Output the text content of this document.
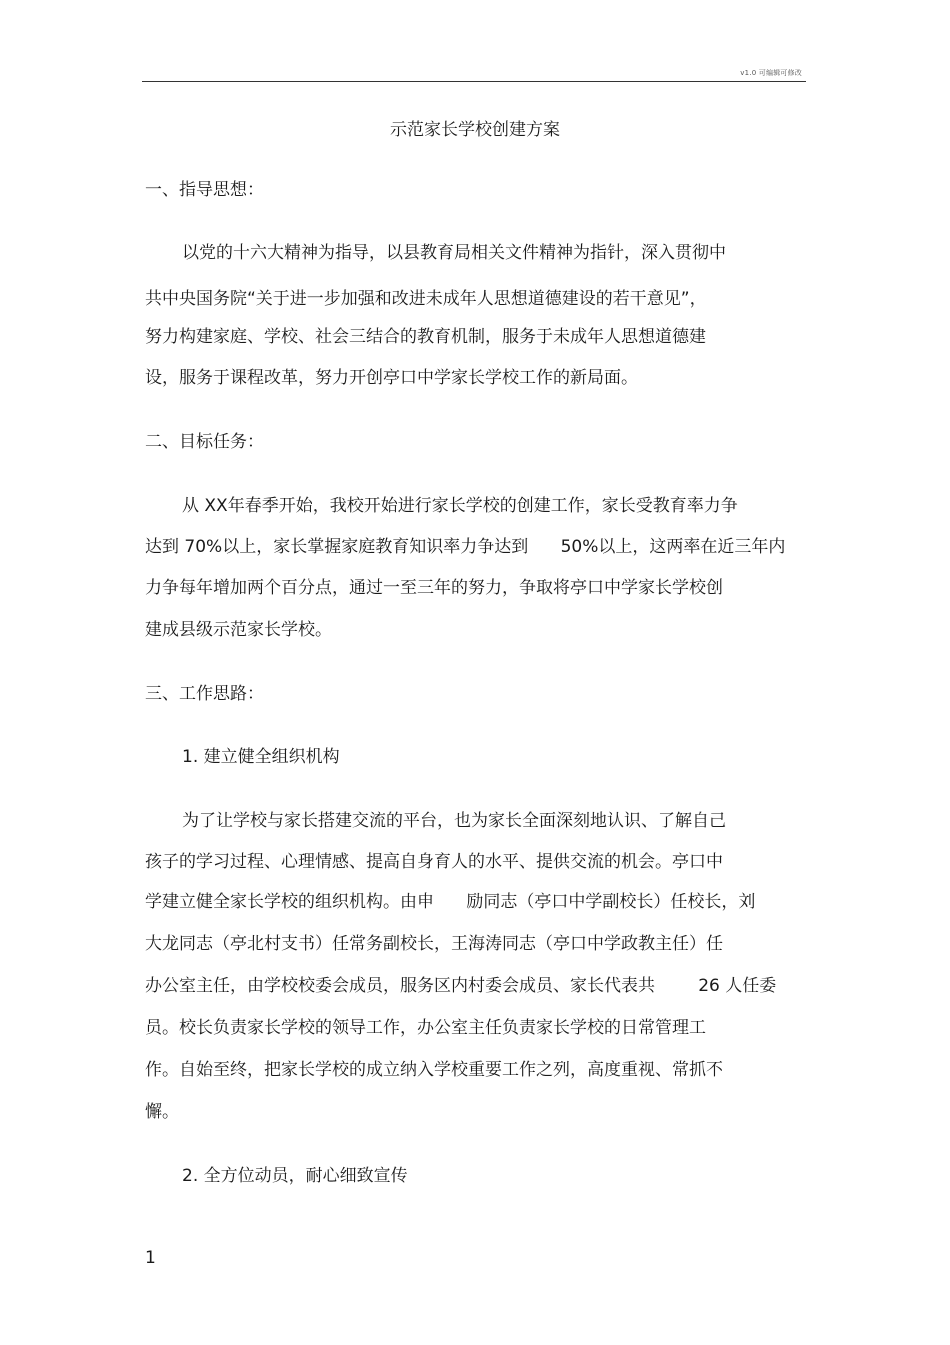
v1.0 可编辑可修改
示范家长学校创建方案
一、指导思想：
以党的十六大精神为指导，以县教育局相关文件精神为指针，深入贯彻中
共中央国务院“关于进一步加强和改进未成年人思想道德建设的若干意见”，
努力构建家庭、学校、社会三结合的教育机制，服务于未成年人思想道德建
设，服务于课程改革，努力开创亭口中学家长学校工作的新局面。
二、目标任务：
从 XX年春季开始，我校开始进行家长学校的创建工作，家长受教育率力争
达到 70%以上，家长掌握家庭教育知识率力争达到      50%以上，这两率在近三年内
力争每年增加两个百分点，通过一至三年的努力，争取将亭口中学家长学校创
建成县级示范家长学校。
三、工作思路：
1. 建立健全组织机构
为了让学校与家长搭建交流的平台，也为家长全面深刻地认识、了解自己
孩子的学习过程、心理情感、提高自身育人的水平、提供交流的机会。亭口中
学建立健全家长学校的组织机构。由申      励同志（亭口中学副校长）任校长，刘
大龙同志（亭北村支书）任常务副校长，王海涛同志（亭口中学政教主任）任
办公室主任，由学校校委会成员，服务区内村委会成员、家长代表共        26 人任委
员。校长负责家长学校的领导工作，办公室主任负责家长学校的日常管理工
作。自始至终，把家长学校的成立纳入学校重要工作之列，高度重视、常抓不
懈。
2. 全方位动员，耐心细致宣传
1
